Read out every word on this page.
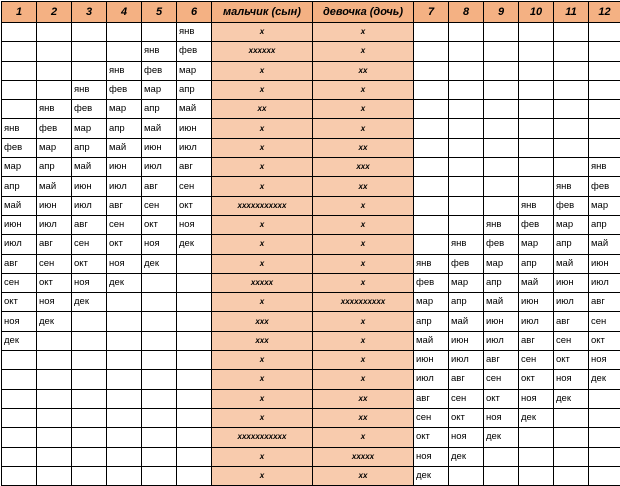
1	2	3	4	5	6	мальчик (сын)	девочка (дочь)	7	8	9	10	11	12
					янв	x	x						
				янв	фев	xxxxxx	x						
			янв	фев	мар	x	xx						
		янв	фев	мар	апр	x	x						
	янв	фев	мар	апр	май	xx	x						
янв	фев	мар	апр	май	июн	x	x						
фев	мар	апр	май	июн	июл	x	xx						
мар	апр	май	июн	июл	авг	x	xxx						янв
апр	май	июн	июл	авг	сен	x	xx					янв	фев
май	июн	июл	авг	сен	окт	xxxxxxxxxxx	x				янв	фев	мар
июн	июл	авг	сен	окт	ноя	x	x			янв	фев	мар	апр
июл	авг	сен	окт	ноя	дек	x	x		янв	фев	мар	апр	май
авг	сен	окт	ноя	дек		x	x	янв	фев	мар	апр	май	июн
сен	окт	ноя	дек			xxxxx	x	фев	мар	апр	май	июн	июл
окт	ноя	дек				x	xxxxxxxxxx	мар	апр	май	июн	июл	авг
ноя	дек					xxx	x	апр	май	июн	июл	авг	сен
дек						xxx	x	май	июн	июл	авг	сен	окт
						x	x	июн	июл	авг	сен	окт	ноя
						x	x	июл	авг	сен	окт	ноя	дек
						x	xx	авг	сен	окт	ноя	дек	
						x	xx	сен	окт	ноя	дек		
						xxxxxxxxxxx	x	окт	ноя	дек			
						x	xxxxx	ноя	дек				
						x	xx	дек					
